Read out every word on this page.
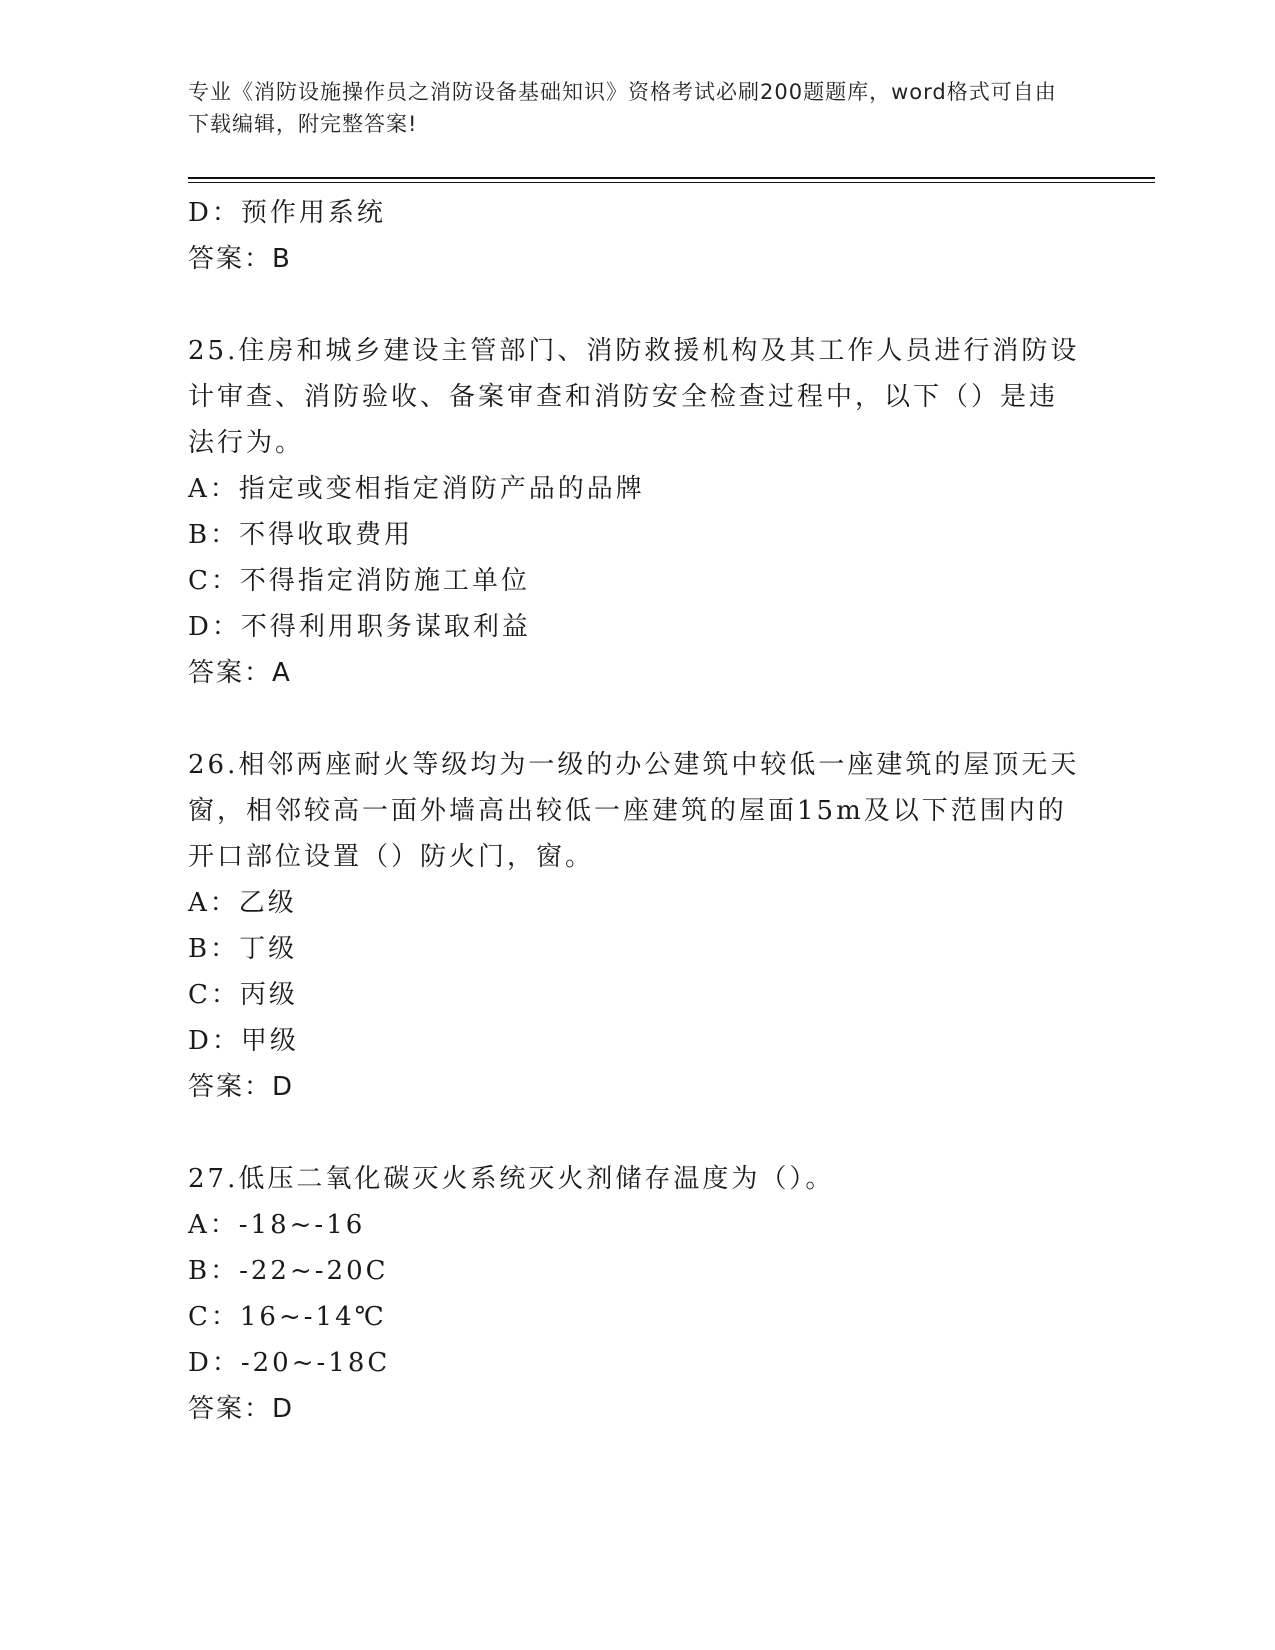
专业《消防设施操作员之消防设备基础知识》资格考试必刷200题题库，word格式可自由下载编辑，附完整答案!
D：预作用系统
答案：B
25.住房和城乡建设主管部门、消防救援机构及其工作人员进行消防设
计审查、消防验收、备案审查和消防安全检查过程中，以下（）是违
法行为。
A：指定或变相指定消防产品的品牌
B：不得收取费用
C：不得指定消防施工单位
D：不得利用职务谋取利益
答案：A
26.相邻两座耐火等级均为一级的办公建筑中较低一座建筑的屋顶无天
窗，相邻较高一面外墙高出较低一座建筑的屋面15m及以下范围内的
开口部位设置（）防火门，窗。
A：乙级
B：丁级
C：丙级
D：甲级
答案：D
27.低压二氧化碳灭火系统灭火剂储存温度为（）。
A：-18~-16
B：-22~-20C
C：16~-14℃
D：-20~-18C
答案：D
